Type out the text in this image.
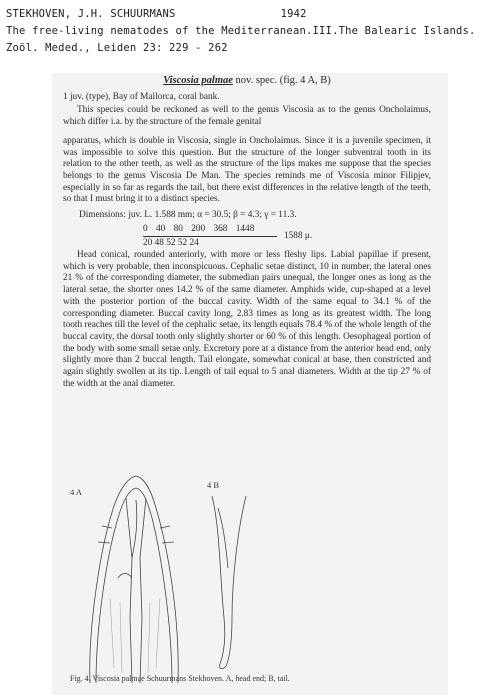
STEKHOVEN, J.H. SCHUURMANS	1942
The free-living nematodes of the Mediterranean.III.The Balearic Islands.
Zoöl. Meded., Leiden 23: 229 - 262
Viscosia palmae nov. spec. (fig. 4 A, B)

1 juv. (type), Bay of Mallorca, coral bank.

This species could be reckoned as well to the genus Viscosia as to the genus Oncholaimus, which differ i.a. by the structure of the female genital

apparatus, which is double in Viscosia, single in Oncholaimus. Since it is a juvenile specimen, it was impossible to solve this question. But the structure of the longer subventral tooth in its relation to the other teeth, as well as the structure of the lips makes me suppose that the species belongs to the genus Viscosia De Man. The species reminds me of Viscosia minor Filipjev, especially in so far as regards the tail, but there exist differences in the relative length of the teeth, so that I must bring it to a distinct species.

Dimensions: juv. L. 1.588 mm; α = 30.5; β = 4.3; γ = 11.3.
0 40 80 200 368 1448
20 48 52 52 24
1588 μ.

Head conical, rounded anteriorly, with more or less fleshy lips. Labial papillae if present, which is very probable, then inconspicuous. Cephalic setae distinct, 10 in number, the lateral ones 21 % of the corresponding diameter, the submedian pairs unequal, the longer ones as long as the lateral setae, the shorter ones 14.2 % of the same diameter. Amphids wide, cup-shaped at a level with the posterior portion of the buccal cavity. Width of the same equal to 34.1 % of the corresponding diameter. Buccal cavity long, 2.83 times as long as its greatest width. The long tooth reaches till the level of the cephalic setae, its length equals 78.4 % of the whole length of the buccal cavity, the dorsal tooth only slightly shorter or 60 % of this length. Oesophageal portion of the body with some small setae only. Excretory pore at a distance from the anterior head end, only slightly more than 2 buccal length. Tail elongate, somewhat conical at base, then constricted and again slightly swollen at its tip. Length of tail equal to 5 anal diameters. Width at the tip 27 % of the width at the anal diameter.

4 A
4 B
Fig. 4. Viscosia palmae Schuurmans Stekhoven. A, head end; B, tail.
